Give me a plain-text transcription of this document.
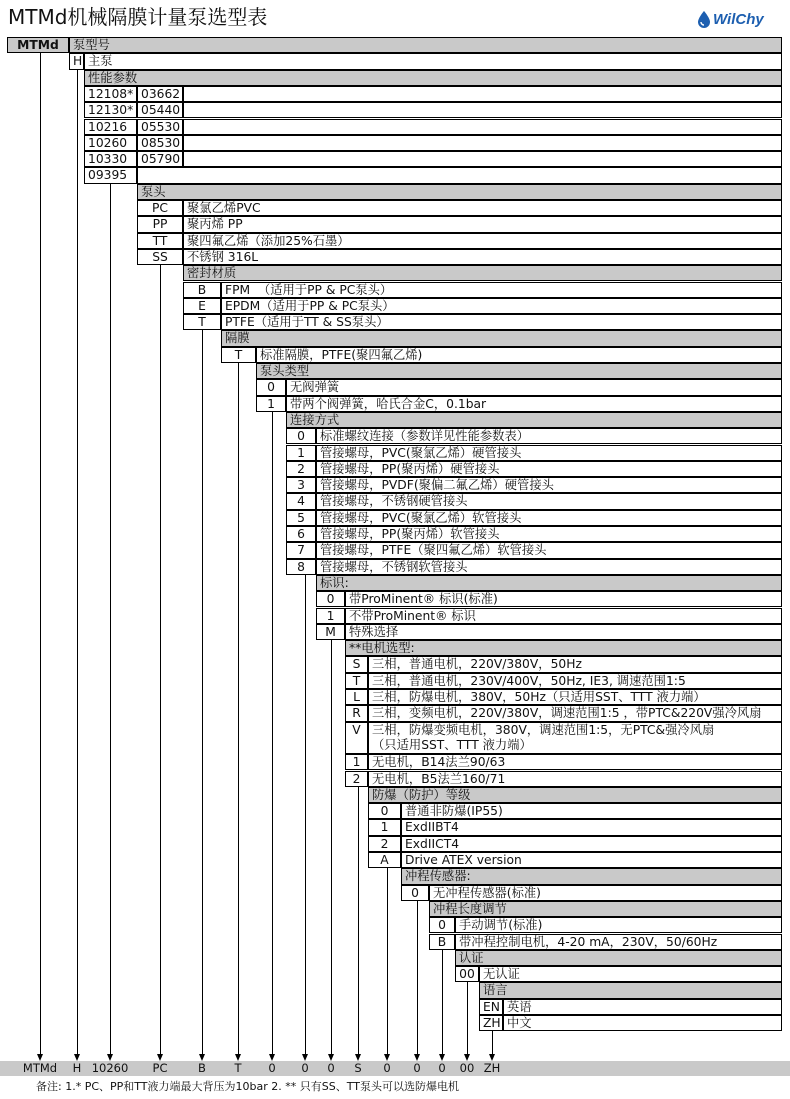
MTMd机械隔膜计量泵选型表	WilChy
MTMd	泵型号
H 主泵
性能参数
12108* 03662
12130* 05440
10216	05530
10260	08530
10330	05790
09395
泵头
PC	聚氯乙烯PVC
PP	聚丙烯 PP
TT	聚四氟乙烯（添加25%石墨）
SS	不锈钢 316L
密封材质
B	FPM  （适用于PP & PC泵头）
E	EPDM（适用于PP & PC泵头）
T	PTFE（适用于TT & SS泵头）
隔膜
T	标准隔膜，PTFE(聚四氟乙烯)
泵头类型
0	无阀弹簧
1	带两个阀弹簧，哈氏合金C，0.1bar
连接方式
0	标准螺纹连接（参数详见性能参数表）
1	管接螺母，PVC(聚氯乙烯）硬管接头
2	管接螺母，PP(聚丙烯）硬管接头
3	管接螺母，PVDF(聚偏二氟乙烯）硬管接头
4	管接螺母，不锈钢硬管接头
5	管接螺母，PVC(聚氯乙烯）软管接头
6	管接螺母，PP(聚丙烯）软管接头
7	管接螺母，PTFE（聚四氟乙烯）软管接头
8	管接螺母，不锈钢软管接头
标识:
0	带ProMinent® 标识(标准)
1	不带ProMinent® 标识
M	特殊选择
**电机选型:
S 三相，普通电机，220V/380V，50Hz
T 三相，普通电机，230V/400V，50Hz, IE3, 调速范围1:5
L 三相，防爆电机，380V，50Hz（只适用SST、TTT 液力端）
R 三相，变频电机，220V/380V，调速范围1:5 ，带PTC&220V强冷风扇
V 三相，防爆变频电机，380V，调速范围1:5，无PTC&强冷风扇
（只适用SST、TTT 液力端）
1 无电机，B14法兰90/63
2 无电机，B5法兰160/71
防爆（防护）等级
0	普通非防爆(IP55)
1	ExdIIBT4
2	ExdIICT4
A	Drive ATEX version
冲程传感器:
0	无冲程传感器(标准)
冲程长度调节
0	手动调节(标准)
B	带冲程控制电机，4-20 mA，230V，50/60Hz
认证
00 无认证
语言
EN 英语
ZH 中文
备注: 1.* PC、PP和TT液力端最大背压为10bar 2. ** 只有SS、TT泵头可以选防爆电机
MTMd H 10260 PC	B T 0 0 0 S 0 0 0 00 ZH
